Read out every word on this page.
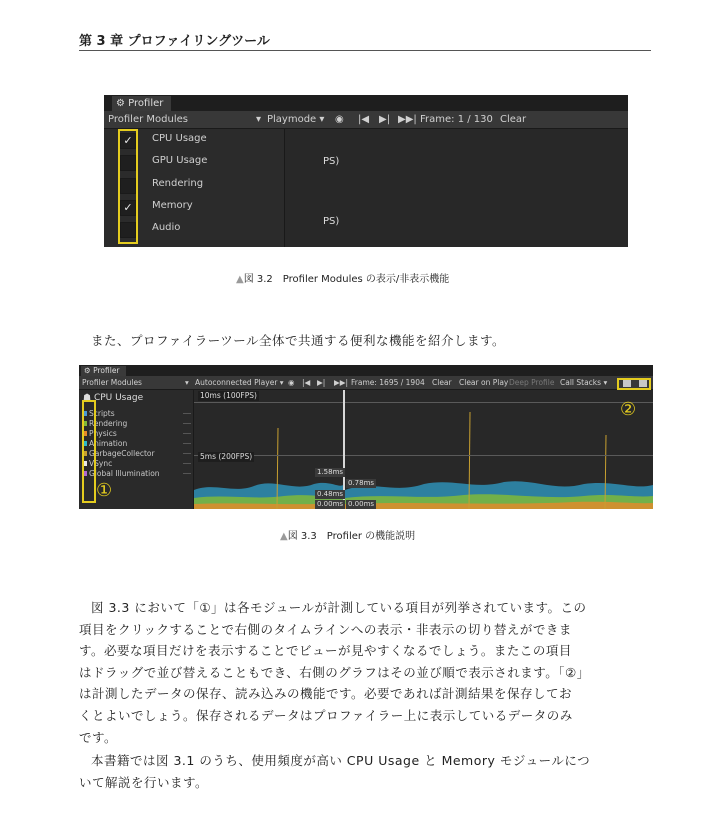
第 3 章 プロファイリングツール
⚙ Profiler
Profiler Modules	▾ Playmode ▾ ◉ |◀ ▶| ▶▶| Frame: 1 / 130 Clear
✓	CPU Usage
GPU Usage
Rendering
✓	Memory
Audio
PS)
PS)
▲図 3.2　Profiler Modules の表示/非表示機能
また、プロファイラーツール全体で共通する便利な機能を紹介します。
⚙ Profiler
Profiler Modules	▾ Autoconnected Player ▾ ◉ |◀ ▶| ▶▶| Frame: 1695 / 1904 Clear Clear on Play Deep Profile Call Stacks ▾
☗ CPU Usage
Scripts
Rendering
Physics
Animation
GarbageCollector
VSync
Global Illumination
10ms (100FPS)
5ms (200FPS)
1.58ms
0.78ms
0.48ms
0.00ms 0.00ms
①
②
▲図 3.3　Profiler の機能説明
図 3.3 において「①」は各モジュールが計測している項目が列挙されています。この
項目をクリックすることで右側のタイムラインへの表示・非表示の切り替えができま
す。必要な項目だけを表示することでビューが見やすくなるでしょう。またこの項目
はドラッグで並び替えることもでき、右側のグラフはその並び順で表示されます。「②」
は計測したデータの保存、読み込みの機能です。必要であれば計測結果を保存してお
くとよいでしょう。保存されるデータはプロファイラー上に表示しているデータのみ
です。
本書籍では図 3.1 のうち、使用頻度が高い CPU Usage と Memory モジュールにつ
いて解説を行います。
